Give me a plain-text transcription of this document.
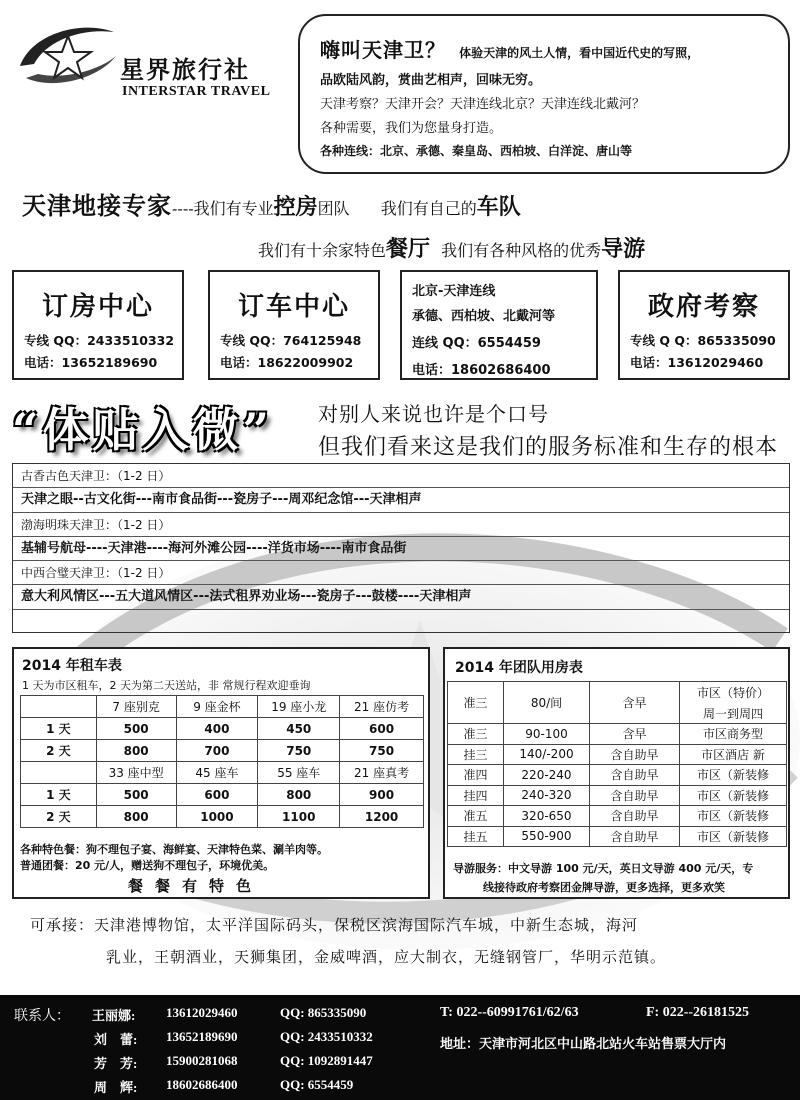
星界旅行社
INTERSTAR TRAVEL
嗨叫天津卫？ 体验天津的风土人情，看中国近代史的写照，
品欧陆风韵，赏曲艺相声，回味无穷。
天津考察？天津开会？天津连线北京？天津连线北戴河？
各种需要，我们为您量身打造。
各种连线：北京、承德、秦皇岛、西柏坡、白洋淀、唐山等
天津地接专家----我们有专业控房团队 我们有自己的车队
我们有十余家特色餐厅 我们有各种风格的优秀导游
订房中心
专线 QQ：2433510332
电话：13652189690
订车中心
专线 QQ：764125948
电话：18622009902
北京-天津连线
承德、西柏坡、北戴河等
连线 QQ：6554459
电话：18602686400
政府考察
专线 Q Q：865335090
电话：13612029460
“体贴入微” 对别人来说也许是个口号
但我们看来这是我们的服务标准和生存的根本
古香古色天津卫：（1-2 日）
天津之眼--古文化街---南市食品街---瓷房子---周邓纪念馆---天津相声
渤海明珠天津卫：（1-2 日）
基辅号航母----天津港----海河外滩公园----洋货市场----南市食品街
中西合璧天津卫：（1-2 日）
意大利风情区---五大道风情区---法式租界劝业场---瓷房子---鼓楼----天津相声
2014 年租车表
1 天为市区租车，2 天为第二天送站，非 常规行程欢迎垂询
	7 座别克	9 座金杯	19 座小龙	21 座仿考
1 天	500	400	450	600
2 天	800	700	750	750
	33 座中型	45 座车	55 座车	21 座真考
1 天	500	600	800	900
2 天	800	1000	1100	1200
各种特色餐：狗不理包子宴、海鲜宴、天津特色菜、涮羊肉等。
普通团餐：20 元/人，赠送狗不理包子，环境优美。
餐餐有特色
2014 年团队用房表
准三	80/间	含早	市区（特价）
周一到周四

准三	90-100	含早	市区商务型
挂三	140/-200	含自助早	市区酒店 新
准四	220-240	含自助早	市区（新装修
挂四	240-320	含自助早	市区（新装修
准五	320-650	含自助早	市区（新装修
挂五	550-900	含自助早	市区（新装修
导游服务：中文导游 100 元/天，英日文导游 400 元/天，专
线接待政府考察团金牌导游，更多选择，更多欢笑
可承接：天津港博物馆，太平洋国际码头，保税区滨海国际汽车城，中新生态城，海河
乳业，王朝酒业，天狮集团，金威啤酒，应大制衣，无缝钢管厂，华明示范镇。
联系人： 王丽娜: 13612029460	QQ: 865335090
刘　蕾: 13652189690	QQ: 2433510332
芳　芳: 15900281068	QQ: 1092891447
周　辉: 18602686400	QQ: 6554459
T: 022--60991761/62/63	F: 022--26181525
地址：天津市河北区中山路北站火车站售票大厅内
